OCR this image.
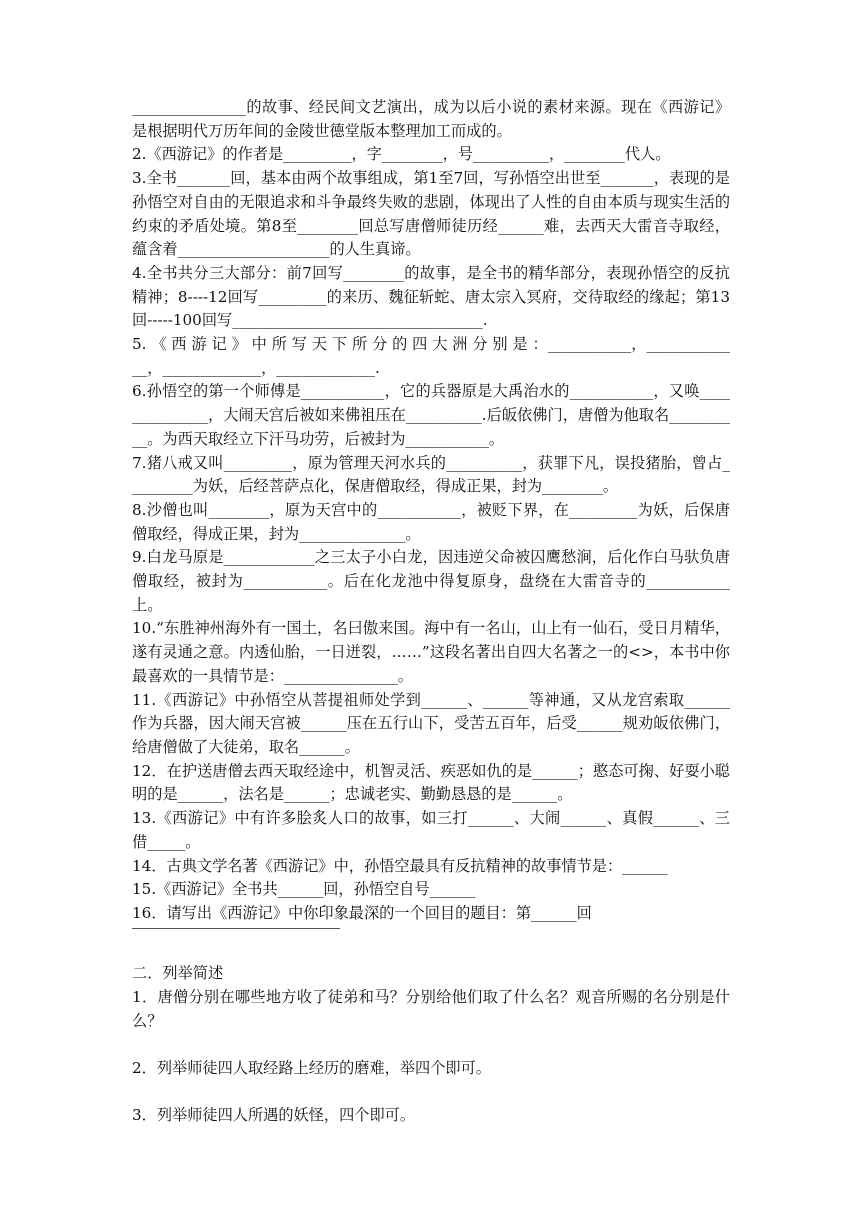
_______________的故事、经民间文艺演出，成为以后小说的素材来源。现在《西游记》是根据明代万历年间的金陵世德堂版本整理加工而成的。

2.《西游记》的作者是_________，字________，号__________，________代人。

3.全书_______回，基本由两个故事组成，第1至7回，写孙悟空出世至_______，表现的是孙悟空对自由的无限追求和斗争最终失败的悲剧，体现出了人性的自由本质与现实生活的约束的矛盾处境。第8至________回总写唐僧师徒历经______难，去西天大雷音寺取经，蕴含着____________________的人生真谛。

4.全书共分三大部分：前7回写________的故事，是全书的精华部分，表现孙悟空的反抗精神；8----12回写_________的来历、魏征斩蛇、唐太宗入冥府，交待取经的缘起；第13回-----100回写_________________________________.

5. 《 西 游 记 》 中 所 写 天 下 所 分 的 四 大 洲 分 别 是 ：___________，_____________，_____________，_____________.

6.孙悟空的第一个师傅是___________，它的兵器原是大禹治水的___________，又唤______________，大闹天宫后被如来佛祖压在__________.后皈依佛门，唐僧为他取名__________。为西天取经立下汗马功劳，后被封为___________。

7.猪八戒又叫_________，原为管理天河水兵的__________，获罪下凡，误投猪胎，曾占_________为妖，后经菩萨点化，保唐僧取经，得成正果，封为________。

8.沙僧也叫________，原为天宫中的___________，被贬下界，在_________为妖，后保唐僧取经，得成正果，封为______________。

9.白龙马原是____________之三太子小白龙，因违逆父命被囚鹰愁涧，后化作白马驮负唐僧取经，被封为___________。后在化龙池中得复原身，盘绕在大雷音寺的___________上。

10.“东胜神州海外有一国土，名曰傲来国。海中有一名山，山上有一仙石，受日月精华，遂有灵通之意。内透仙胎，一日迸裂，……”这段名著出自四大名著之一的<>，本书中你最喜欢的一具情节是：_______________。

11.《西游记》中孙悟空从菩提祖师处学到______、______等神通，又从龙宫索取______作为兵器，因大闹天宫被______压在五行山下，受苦五百年，后受______规劝皈依佛门，给唐僧做了大徒弟，取名______。

12．在护送唐僧去西天取经途中，机智灵活、疾恶如仇的是______；憨态可掬、好耍小聪明的是______，法名是______；忠诚老实、勤勤恳恳的是______。

13.《西游记》中有许多脍炙人口的故事，如三打______、大闹______、真假______、三借_____。

14．古典文学名著《西游记》中，孙悟空最具有反抗精神的故事情节是：______

15.《西游记》全书共______回，孙悟空自号______

16．请写出《西游记》中你印象最深的一个回目的题目：第______回

二．列举简述

1．唐僧分别在哪些地方收了徒弟和马？分别给他们取了什么名？观音所赐的名分别是什么？

2．列举师徒四人取经路上经历的磨难，举四个即可。

3．列举师徒四人所遇的妖怪，四个即可。
